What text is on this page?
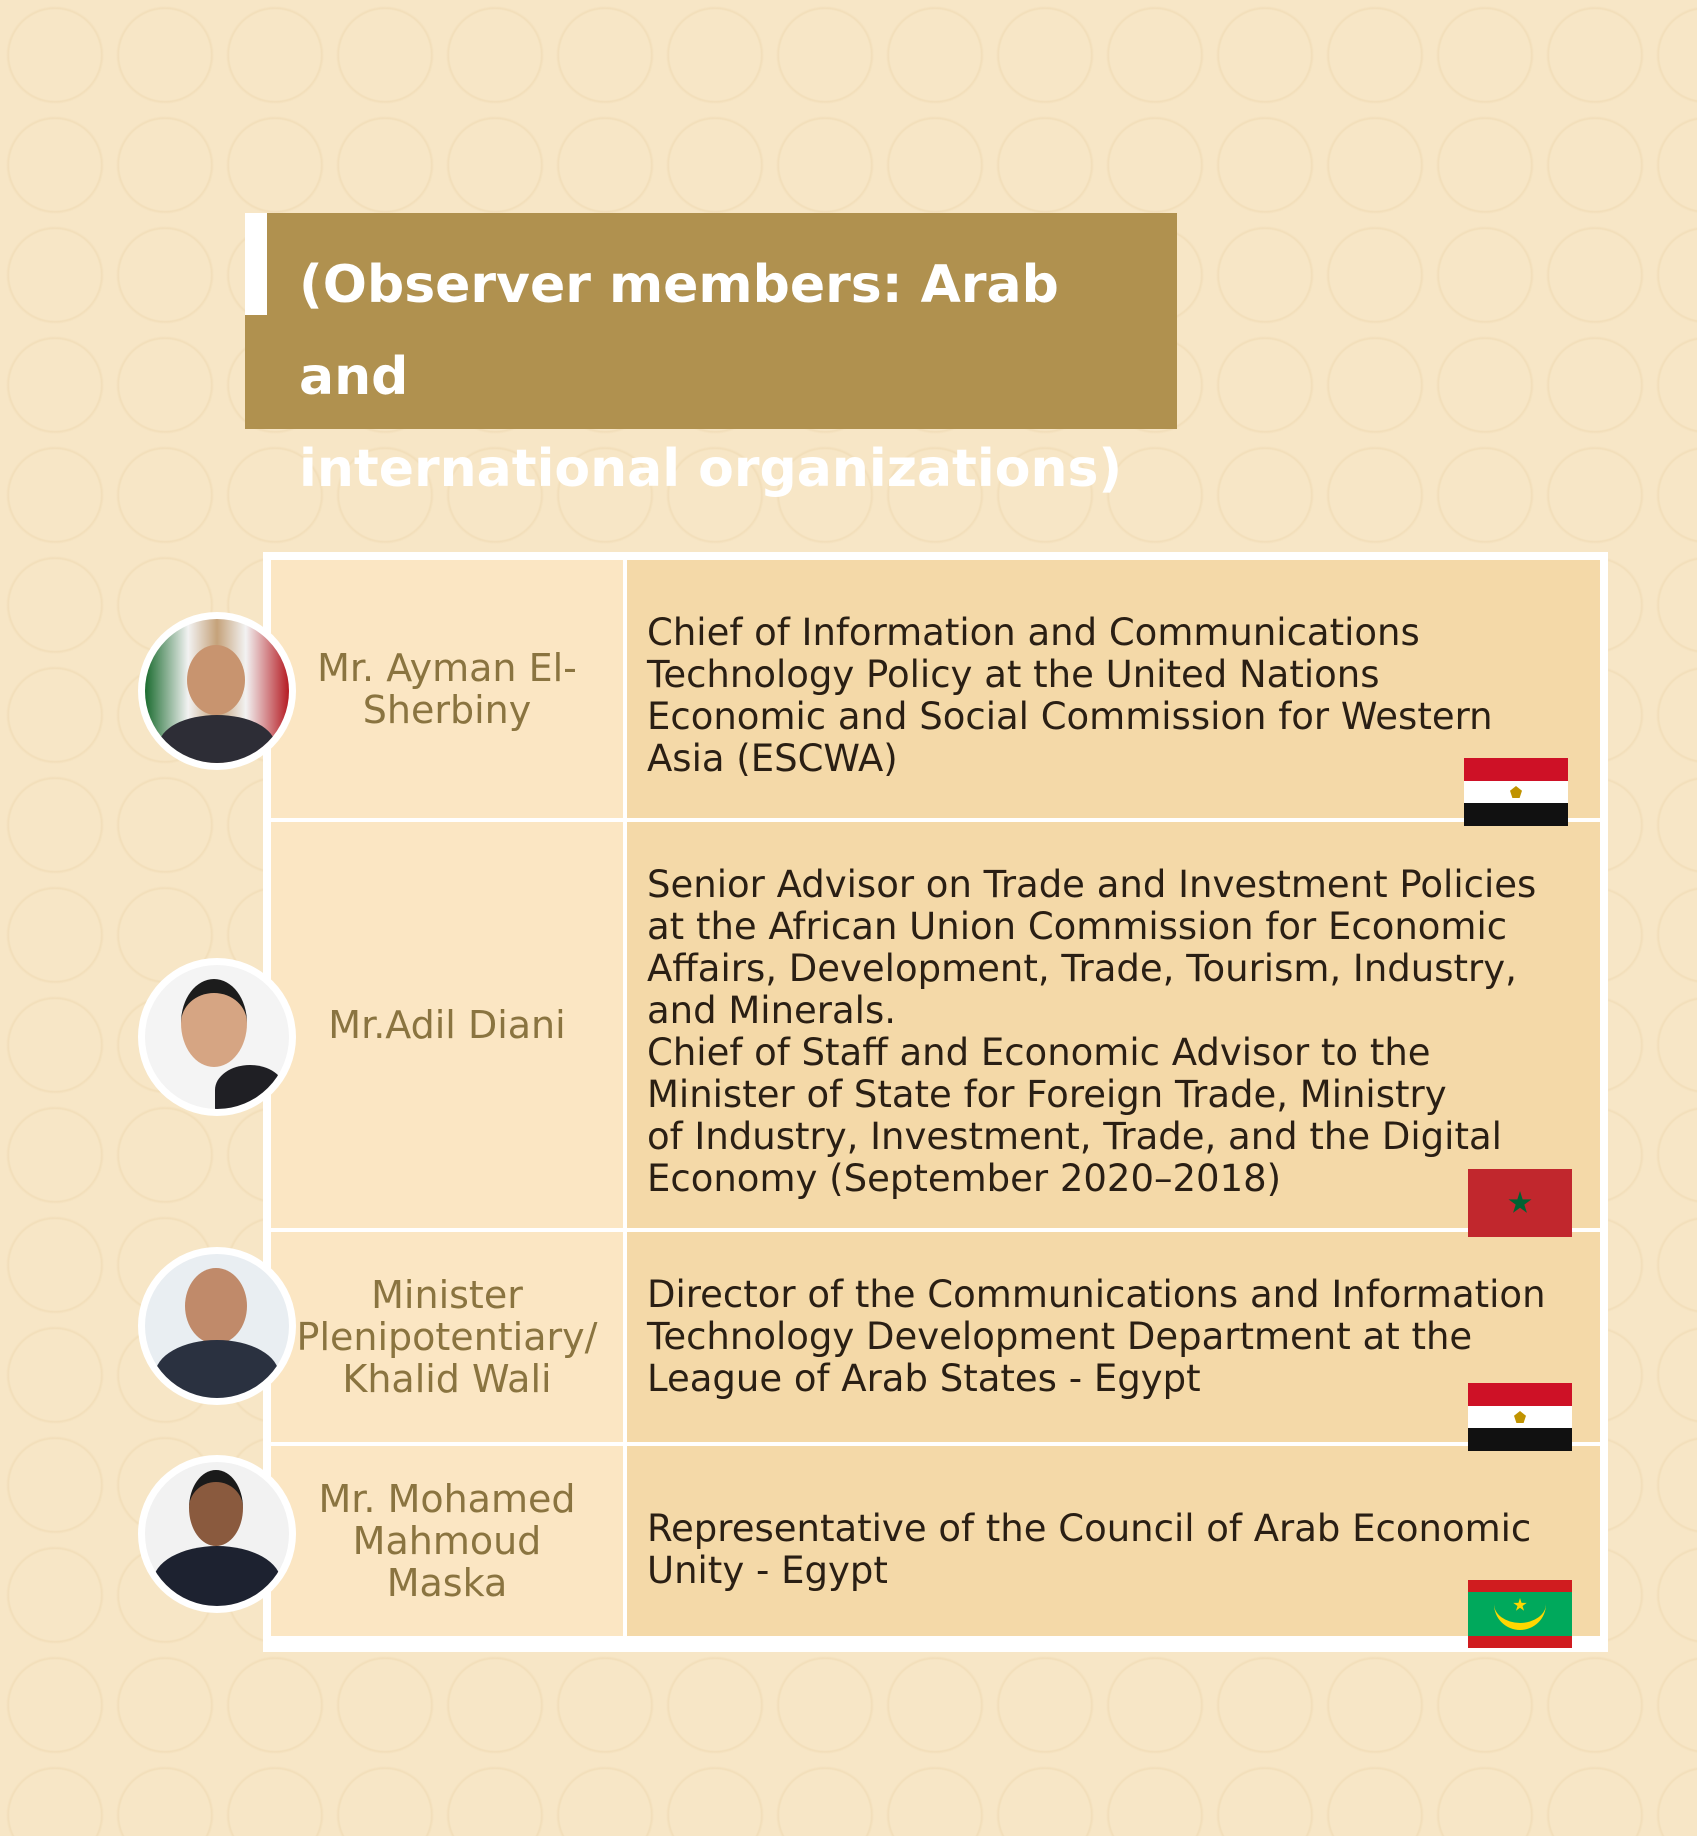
(Observer members: Arab and

international organizations)

Mr. Ayman El-
Sherbiny
Chief of Information and Communications
Technology Policy at the United Nations
Economic and Social Commission for Western
Asia (ESCWA)
Mr.Adil Diani
Senior Advisor on Trade and Investment Policies
at the African Union Commission for Economic
Affairs, Development, Trade, Tourism, Industry,
and Minerals.
Chief of Staff and Economic Advisor to the
Minister of State for Foreign Trade, Ministry
of Industry, Investment, Trade, and the Digital
Economy (September 2020–2018)
Minister
Plenipotentiary/
Khalid Wali
Director of the Communications and Information
Technology Development Department at the
League of Arab States - Egypt
Mr. Mohamed
Mahmoud
Maska
Representative of the Council of Arab Economic
Unity - Egypt
